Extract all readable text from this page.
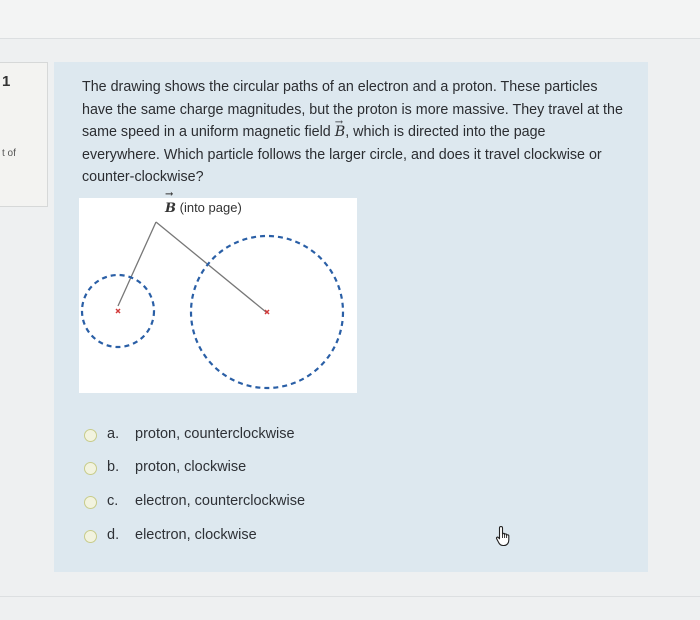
1
t of

The drawing shows the circular paths of an electron and a proton. These particles have the same charge magnitudes, but the proton is more massive. They travel at the same speed in a uniform magnetic field → B, which is directed into the page everywhere. Which particle follows the larger circle, and does it travel clockwise or counter-clockwise?

→ B (into page)
a. proton, counterclockwise
b. proton, clockwise
c. electron, counterclockwise
d. electron, clockwise
